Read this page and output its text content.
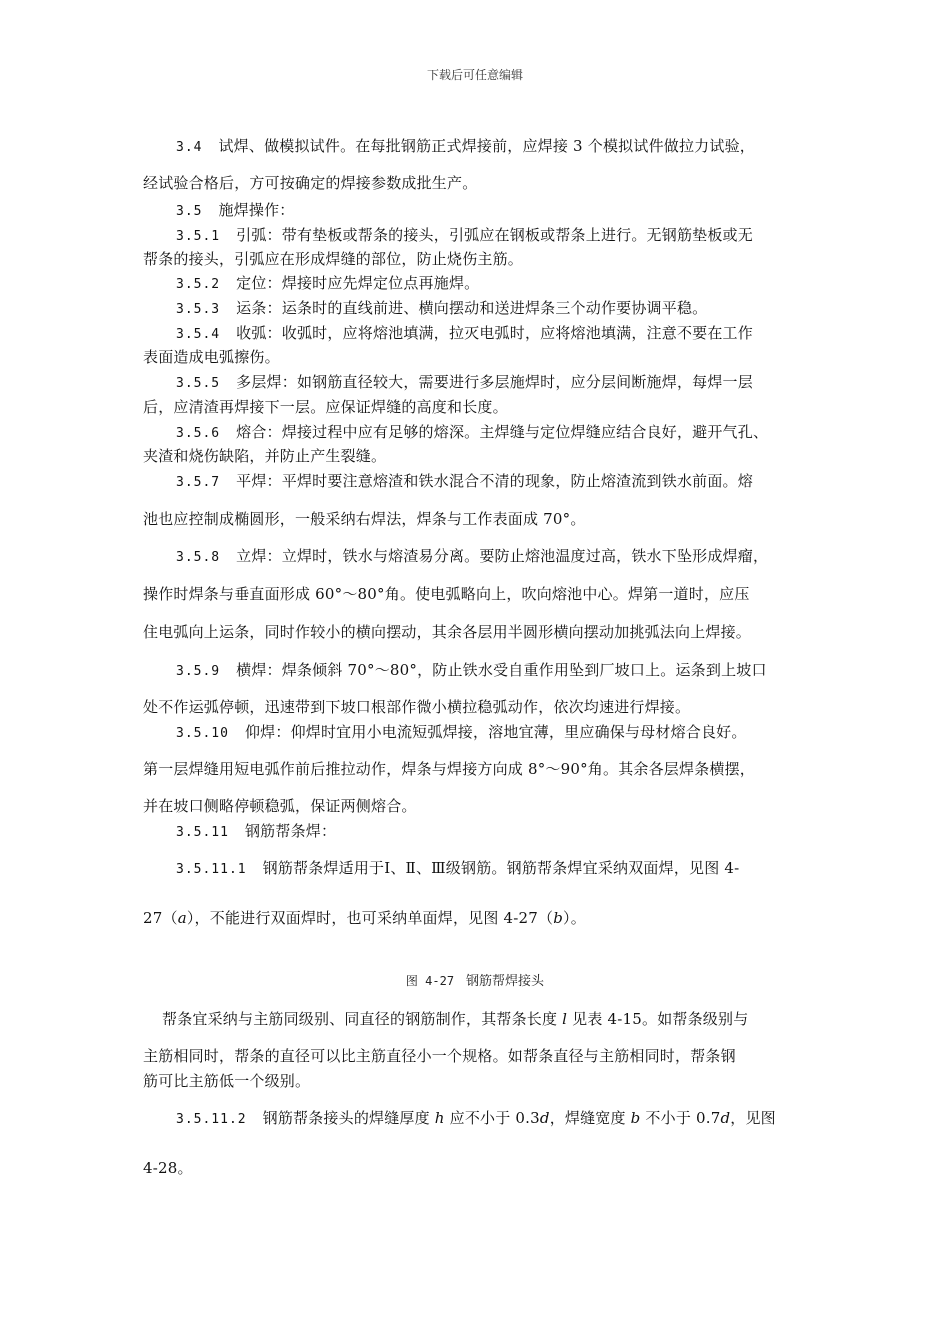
下载后可任意编辑
3.4 试焊、做模拟试件。在每批钢筋正式焊接前，应焊接 3 个模拟试件做拉力试验，
经试验合格后，方可按确定的焊接参数成批生产。
3.5 施焊操作：
3.5.1 引弧：带有垫板或帮条的接头，引弧应在钢板或帮条上进行。无钢筋垫板或无
帮条的接头，引弧应在形成焊缝的部位，防止烧伤主筋。
3.5.2 定位：焊接时应先焊定位点再施焊。
3.5.3 运条：运条时的直线前进、横向摆动和送进焊条三个动作要协调平稳。
3.5.4 收弧：收弧时，应将熔池填满，拉灭电弧时，应将熔池填满，注意不要在工作
表面造成电弧擦伤。
3.5.5 多层焊：如钢筋直径较大，需要进行多层施焊时，应分层间断施焊，每焊一层
后，应清渣再焊接下一层。应保证焊缝的高度和长度。
3.5.6 熔合：焊接过程中应有足够的熔深。主焊缝与定位焊缝应结合良好，避开气孔、
夹渣和烧伤缺陷，并防止产生裂缝。
3.5.7 平焊：平焊时要注意熔渣和铁水混合不清的现象，防止熔渣流到铁水前面。熔
池也应控制成椭圆形，一般采纳右焊法，焊条与工作表面成 70°。
3.5.8 立焊：立焊时，铁水与熔渣易分离。要防止熔池温度过高，铁水下坠形成焊瘤，
操作时焊条与垂直面形成 60°～80°角。使电弧略向上，吹向熔池中心。焊第一道时，应压
住电弧向上运条，同时作较小的横向摆动，其余各层用半圆形横向摆动加挑弧法向上焊接。
3.5.9 横焊：焊条倾斜 70°～80°，防止铁水受自重作用坠到厂坡口上。运条到上坡口
处不作运弧停顿，迅速带到下坡口根部作微小横拉稳弧动作，依次均速进行焊接。
3.5.10 仰焊：仰焊时宜用小电流短弧焊接，溶地宜薄，里应确保与母材熔合良好。
第一层焊缝用短电弧作前后推拉动作，焊条与焊接方向成 8°～90°角。其余各层焊条横摆，
并在坡口侧略停顿稳弧，保证两侧熔合。
3.5.11 钢筋帮条焊：
3.5.11.1 钢筋帮条焊适用于Ⅰ、Ⅱ、Ⅲ级钢筋。钢筋帮条焊宜采纳双面焊，见图 4-
27（a），不能进行双面焊时，也可采纳单面焊，见图 4-27（b）。
图 4-27 钢筋帮焊接头
帮条宜采纳与主筋同级别、同直径的钢筋制作，其帮条长度 l 见表 4-15。如帮条级别与
主筋相同时，帮条的直径可以比主筋直径小一个规格。如帮条直径与主筋相同时，帮条钢
筋可比主筋低一个级别。
3.5.11.2 钢筋帮条接头的焊缝厚度 h 应不小于 0.3d，焊缝宽度 b 不小于 0.7d，见图
4-28。
